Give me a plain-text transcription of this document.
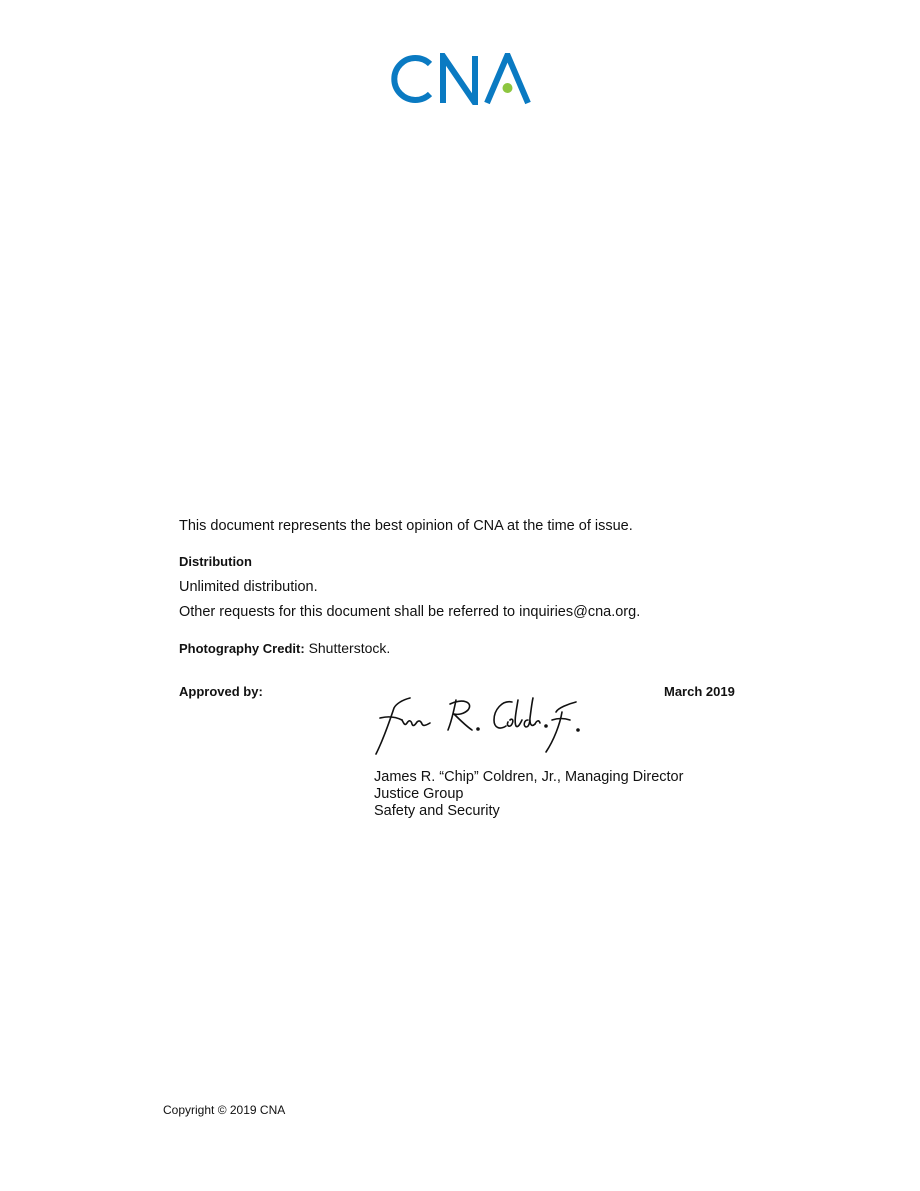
This document represents the best opinion of CNA at the time of issue.
Distribution
Unlimited distribution.
Other requests for this document shall be referred to inquiries@cna.org.
Photography Credit: Shutterstock.
Approved by:	March 2019
James R. “Chip” Coldren, Jr., Managing Director
Justice Group
Safety and Security
Copyright © 2019 CNA
